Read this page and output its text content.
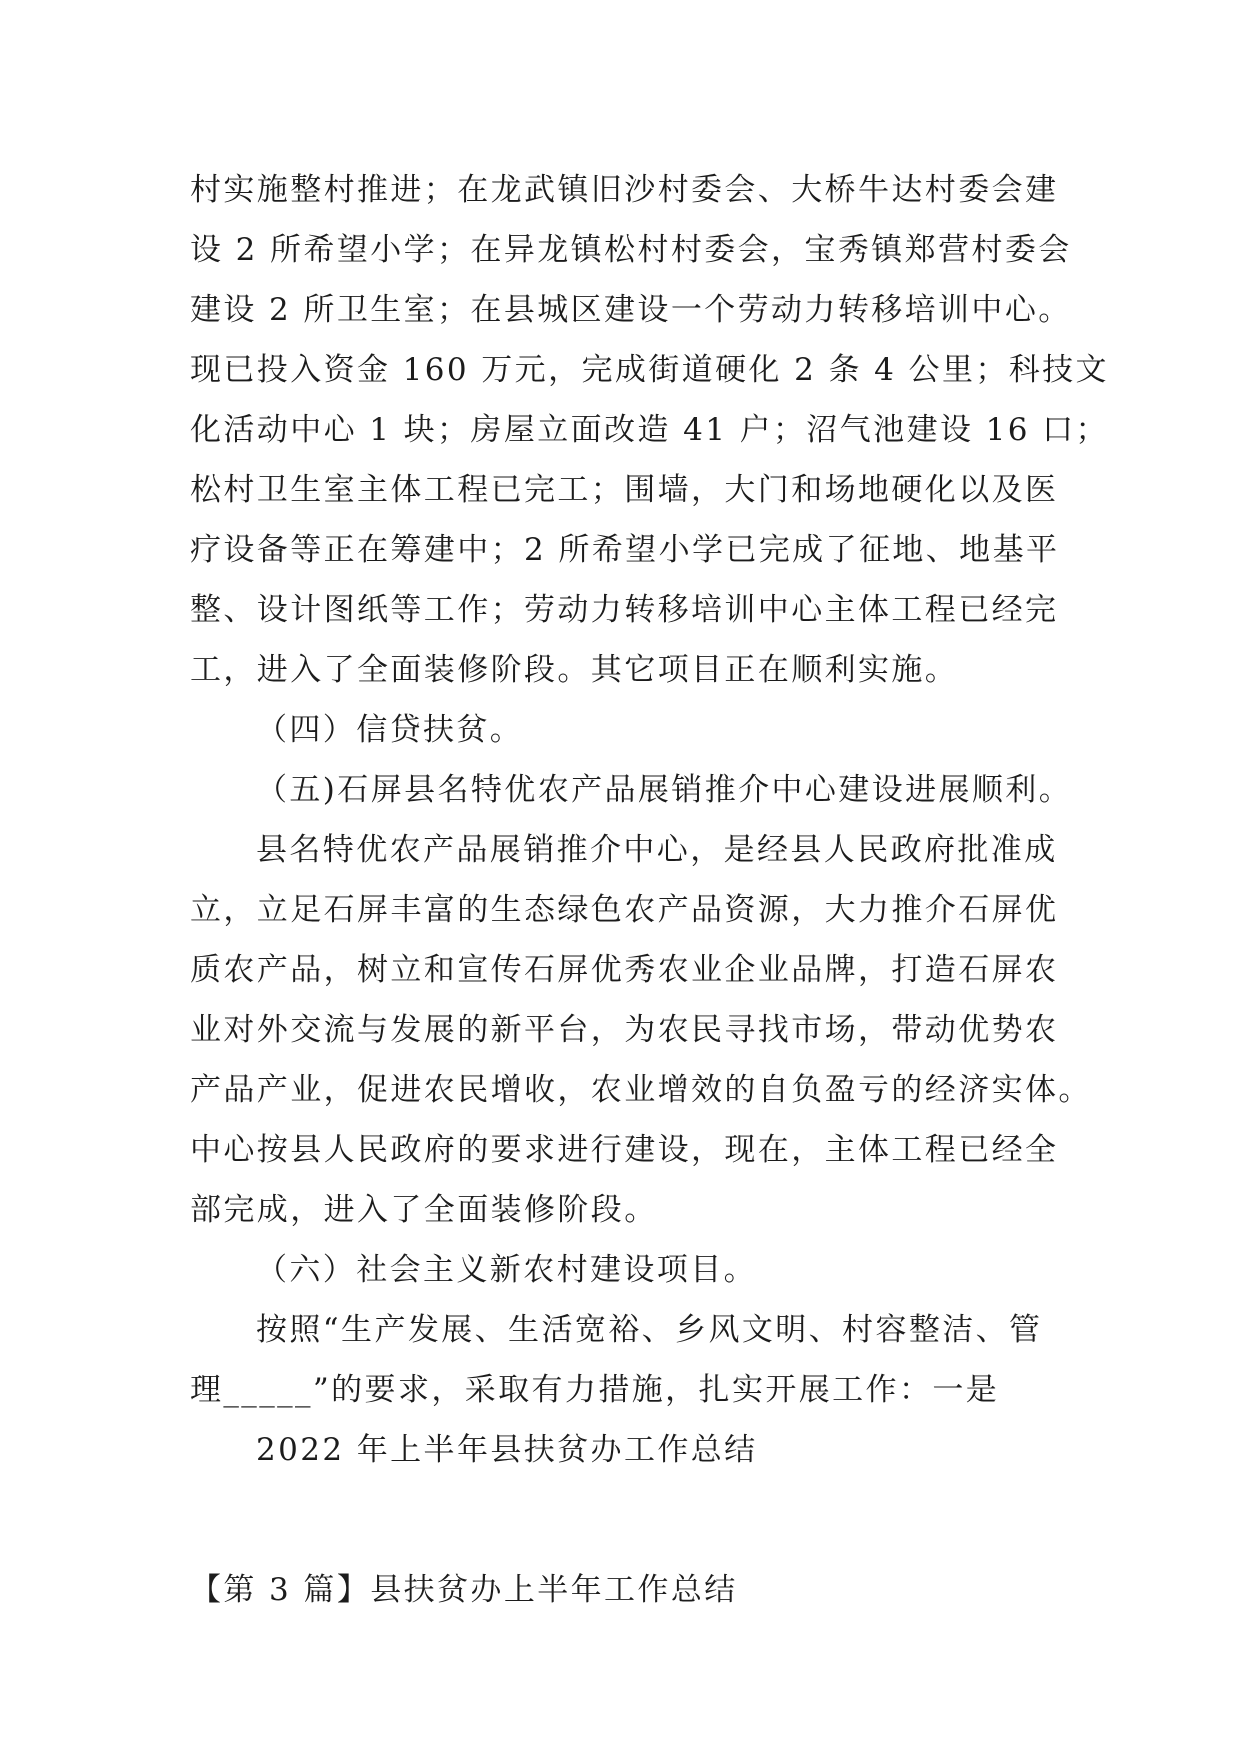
村实施整村推进；在龙武镇旧沙村委会、大桥牛达村委会建
设 2 所希望小学；在异龙镇松村村委会，宝秀镇郑营村委会
建设 2 所卫生室；在县城区建设一个劳动力转移培训中心。
现已投入资金 160 万元，完成街道硬化 2 条 4 公里；科技文
化活动中心 1 块；房屋立面改造 41 户；沼气池建设 16 口；
松村卫生室主体工程已完工；围墙，大门和场地硬化以及医
疗设备等正在筹建中；2 所希望小学已完成了征地、地基平
整、设计图纸等工作；劳动力转移培训中心主体工程已经完
工，进入了全面装修阶段。其它项目正在顺利实施。
（四）信贷扶贫。
（五)石屏县名特优农产品展销推介中心建设进展顺利。
县名特优农产品展销推介中心，是经县人民政府批准成
立，立足石屏丰富的生态绿色农产品资源，大力推介石屏优
质农产品，树立和宣传石屏优秀农业企业品牌，打造石屏农
业对外交流与发展的新平台，为农民寻找市场，带动优势农
产品产业，促进农民增收，农业增效的自负盈亏的经济实体。
中心按县人民政府的要求进行建设，现在，主体工程已经全
部完成，进入了全面装修阶段。
（六）社会主义新农村建设项目。
按照“生产发展、生活宽裕、乡风文明、村容整洁、管
理_____”的要求，采取有力措施，扎实开展工作：一是
2022 年上半年县扶贫办工作总结
【第 3 篇】县扶贫办上半年工作总结
